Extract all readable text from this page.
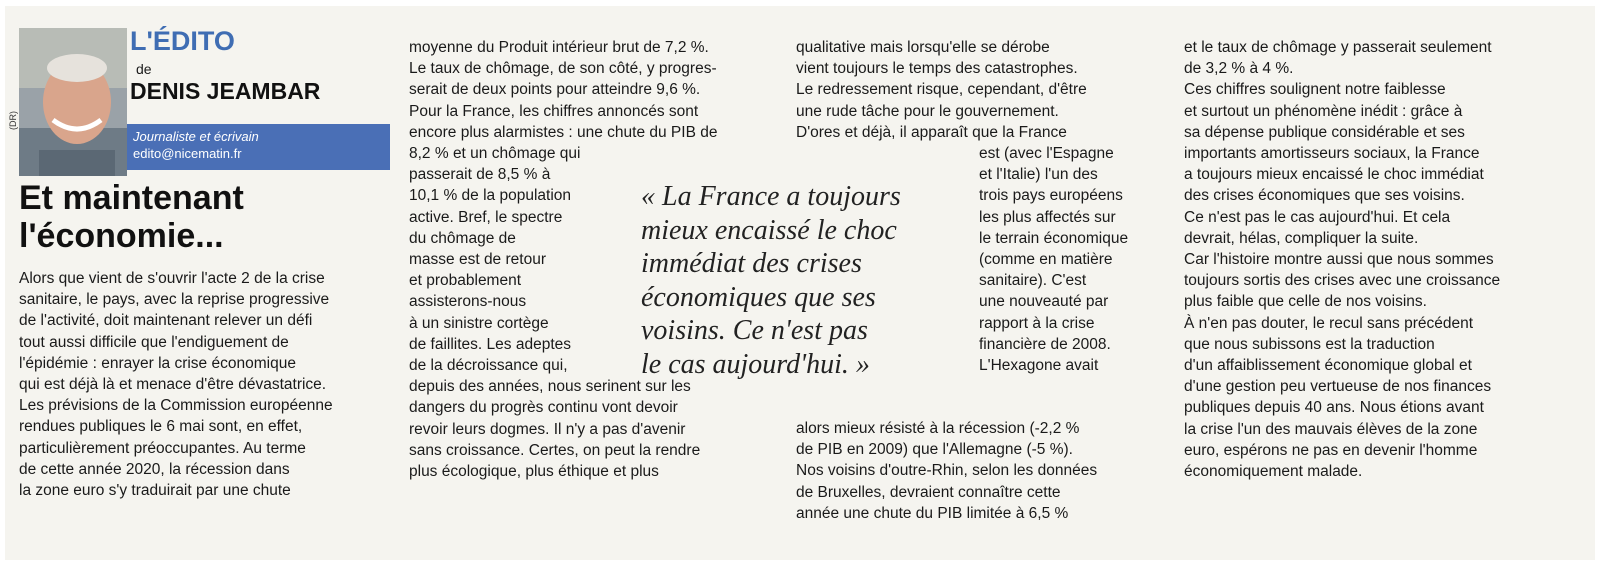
(DR)
L'ÉDITO
de
DENIS JEAMBAR
Journaliste et écrivain
edito@nicematin.fr
Et maintenant
l'économie...
Alors que vient de s'ouvrir l'acte 2 de la crise
sanitaire, le pays, avec la reprise progressive
de l'activité, doit maintenant relever un défi
tout aussi difficile que l'endiguement de
l'épidémie : enrayer la crise économique
qui est déjà là et menace d'être dévastatrice.
Les prévisions de la Commission européenne
rendues publiques le 6 mai sont, en effet,
particulièrement préoccupantes. Au terme
de cette année 2020, la récession dans
la zone euro s'y traduirait par une chute
moyenne du Produit intérieur brut de 7,2 %.
Le taux de chômage, de son côté, y progres-
serait de deux points pour atteindre 9,6 %.
Pour la France, les chiffres annoncés sont
encore plus alarmistes : une chute du PIB de
8,2 % et un chômage qui
passerait de 8,5 % à
10,1 % de la population
active. Bref, le spectre
du chômage de
masse est de retour
et probablement
assisterons-nous
à un sinistre cortège
de faillites. Les adeptes
de la décroissance qui,
depuis des années, nous serinent sur les
dangers du progrès continu vont devoir
revoir leurs dogmes. Il n'y a pas d'avenir
sans croissance. Certes, on peut la rendre
plus écologique, plus éthique et plus
« La France a toujours
mieux encaissé le choc
immédiat des crises
économiques que ses
voisins. Ce n'est pas
le cas aujourd'hui. »
qualitative mais lorsqu'elle se dérobe
vient toujours le temps des catastrophes.
Le redressement risque, cependant, d'être
une rude tâche pour le gouvernement.
D'ores et déjà, il apparaît que la France
est (avec l'Espagne
et l'Italie) l'un des
trois pays européens
les plus affectés sur
le terrain économique
(comme en matière
sanitaire). C'est
une nouveauté par
rapport à la crise
financière de 2008.
L'Hexagone avait
alors mieux résisté à la récession (-2,2 %
de PIB en 2009) que l'Allemagne (-5 %).
Nos voisins d'outre-Rhin, selon les données
de Bruxelles, devraient connaître cette
année une chute du PIB limitée à 6,5 %
et le taux de chômage y passerait seulement
de 3,2 % à 4 %.
Ces chiffres soulignent notre faiblesse
et surtout un phénomène inédit : grâce à
sa dépense publique considérable et ses
importants amortisseurs sociaux, la France
a toujours mieux encaissé le choc immédiat
des crises économiques que ses voisins.
Ce n'est pas le cas aujourd'hui. Et cela
devrait, hélas, compliquer la suite.
Car l'histoire montre aussi que nous sommes
toujours sortis des crises avec une croissance
plus faible que celle de nos voisins.
À n'en pas douter, le recul sans précédent
que nous subissons est la traduction
d'un affaiblissement économique global et
d'une gestion peu vertueuse de nos finances
publiques depuis 40 ans. Nous étions avant
la crise l'un des mauvais élèves de la zone
euro, espérons ne pas en devenir l'homme
économiquement malade.
